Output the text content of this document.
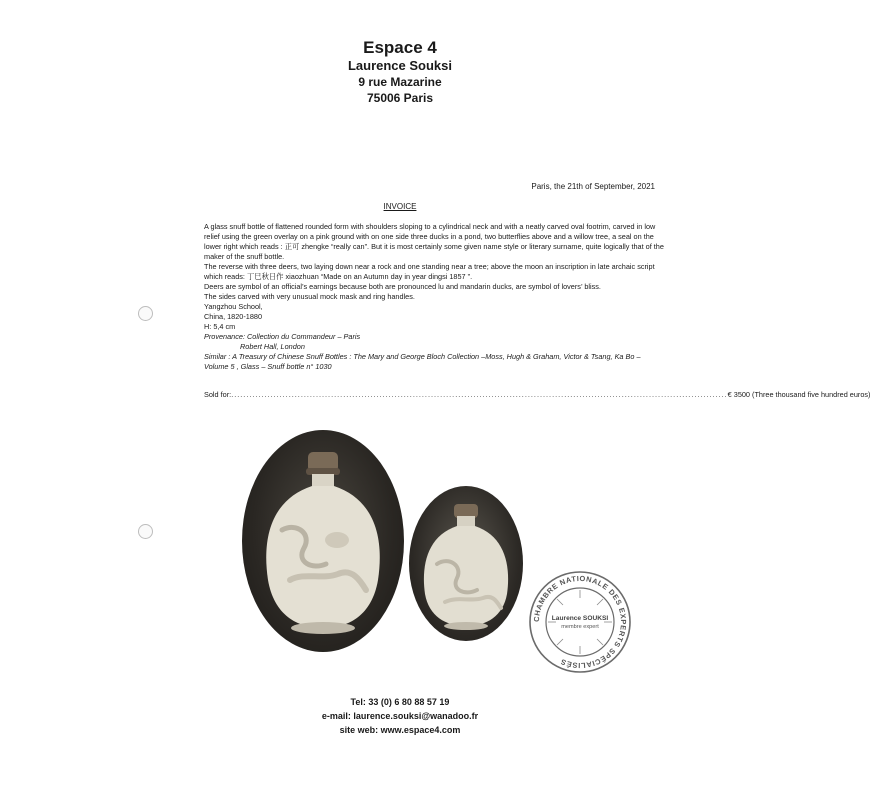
Espace 4
Laurence Souksi
9 rue Mazarine
75006 Paris
Paris, the 21th of September, 2021
INVOICE

A glass snuff bottle of flattened rounded form with shoulders sloping to a cylindrical neck and with a neatly carved oval footrim, carved in low relief using the green overlay on a pink ground with on one side three ducks in a pond, two butterflies above and a willow tree, a seal on the lower right which reads : 正可 zhengke “really can”. But it is most certainly some given name style or literary surname, quite logically that of the maker of the snuff bottle.

The reverse with three deers, two laying down near a rock and one standing near a tree; above the moon an inscription in late archaic script which reads: 丁巳秋日作 xiaozhuan “Made on an Autumn day in year dingsi 1857 ”.

Deers are symbol of an official’s earnings because both are pronounced lu and mandarin ducks, are symbol of lovers’ bliss.

The sides carved with very unusual mock mask and ring handles.

Yangzhou School,

China, 1820-1880

H: 5,4 cm

Provenance: Collection du Commandeur – Paris

Robert Hall, London

Similar : A Treasury of Chinese Snuff Bottles : The Mary and George Bloch Collection –Moss, Hugh & Graham, Victor & Tsang, Ka Bo – Volume 5 , Glass – Snuff bottle n° 1030

Sold for: .................................................................................................................................................................... € 3500 (Three thousand five hundred euros)
CHAMBRE NATIONALE DES EXPERTS SPÉCIALISÉS
Laurence SOUKSI
membre expert
Tel: 33 (0) 6 80 88 57 19
e-mail: laurence.souksi@wanadoo.fr
site web: www.espace4.com
